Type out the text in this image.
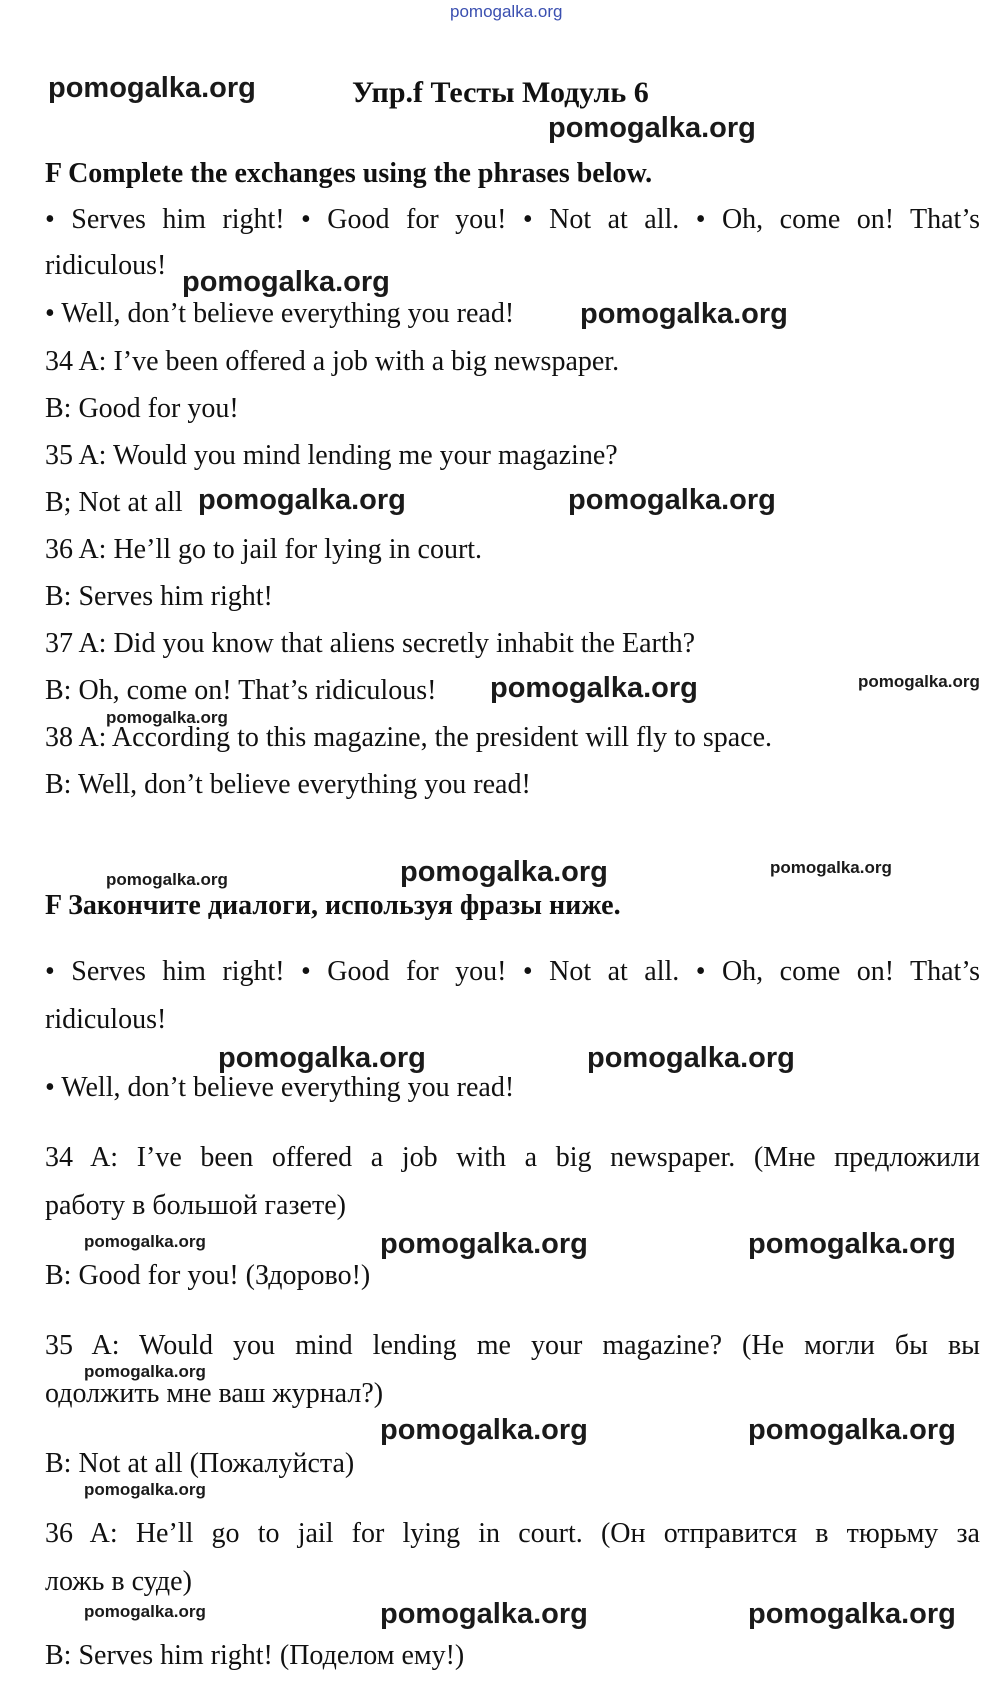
pomogalka.org
pomogalka.org
pomogalka.org
pomogalka.org
pomogalka.org
pomogalka.org	pomogalka.org
pomogalka.org	pomogalka.org
pomogalka.org
pomogalka.org	pomogalka.org	pomogalka.org
pomogalka.org	pomogalka.org
pomogalka.org	pomogalka.org	pomogalka.org
pomogalka.org
pomogalka.org	pomogalka.org
pomogalka.org
pomogalka.org	pomogalka.org	pomogalka.org
Упр.f Тесты Модуль 6
F Complete the exchanges using the phrases below.
• Serves him right! • Good for you! • Not at all. • Oh, come on! That’s
ridiculous!
• Well, don’t believe everything you read!
34 A: I’ve been offered a job with a big newspaper.
B: Good for you!
35 A: Would you mind lending me your magazine?
B; Not at all
36 A: He’ll go to jail for lying in court.
B: Serves him right!
37 A: Did you know that aliens secretly inhabit the Earth?
B: Oh, come on! That’s ridiculous!
38 A: According to this magazine, the president will fly to space.
B: Well, don’t believe everything you read!
F Закончите диалоги, используя фразы ниже.
• Serves him right! • Good for you! • Not at all. • Oh, come on! That’s
ridiculous!
• Well, don’t believe everything you read!
34 A: I’ve been offered a job with a big newspaper. (Мне предложили
работу в большой газете)
B: Good for you! (Здорово!)
35 A: Would you mind lending me your magazine? (Не могли бы вы
одолжить мне ваш журнал?)
B: Not at all (Пожалуйста)
36 A: He’ll go to jail for lying in court. (Он отправится в тюрьму за
ложь в суде)
B: Serves him right! (Поделом ему!)
